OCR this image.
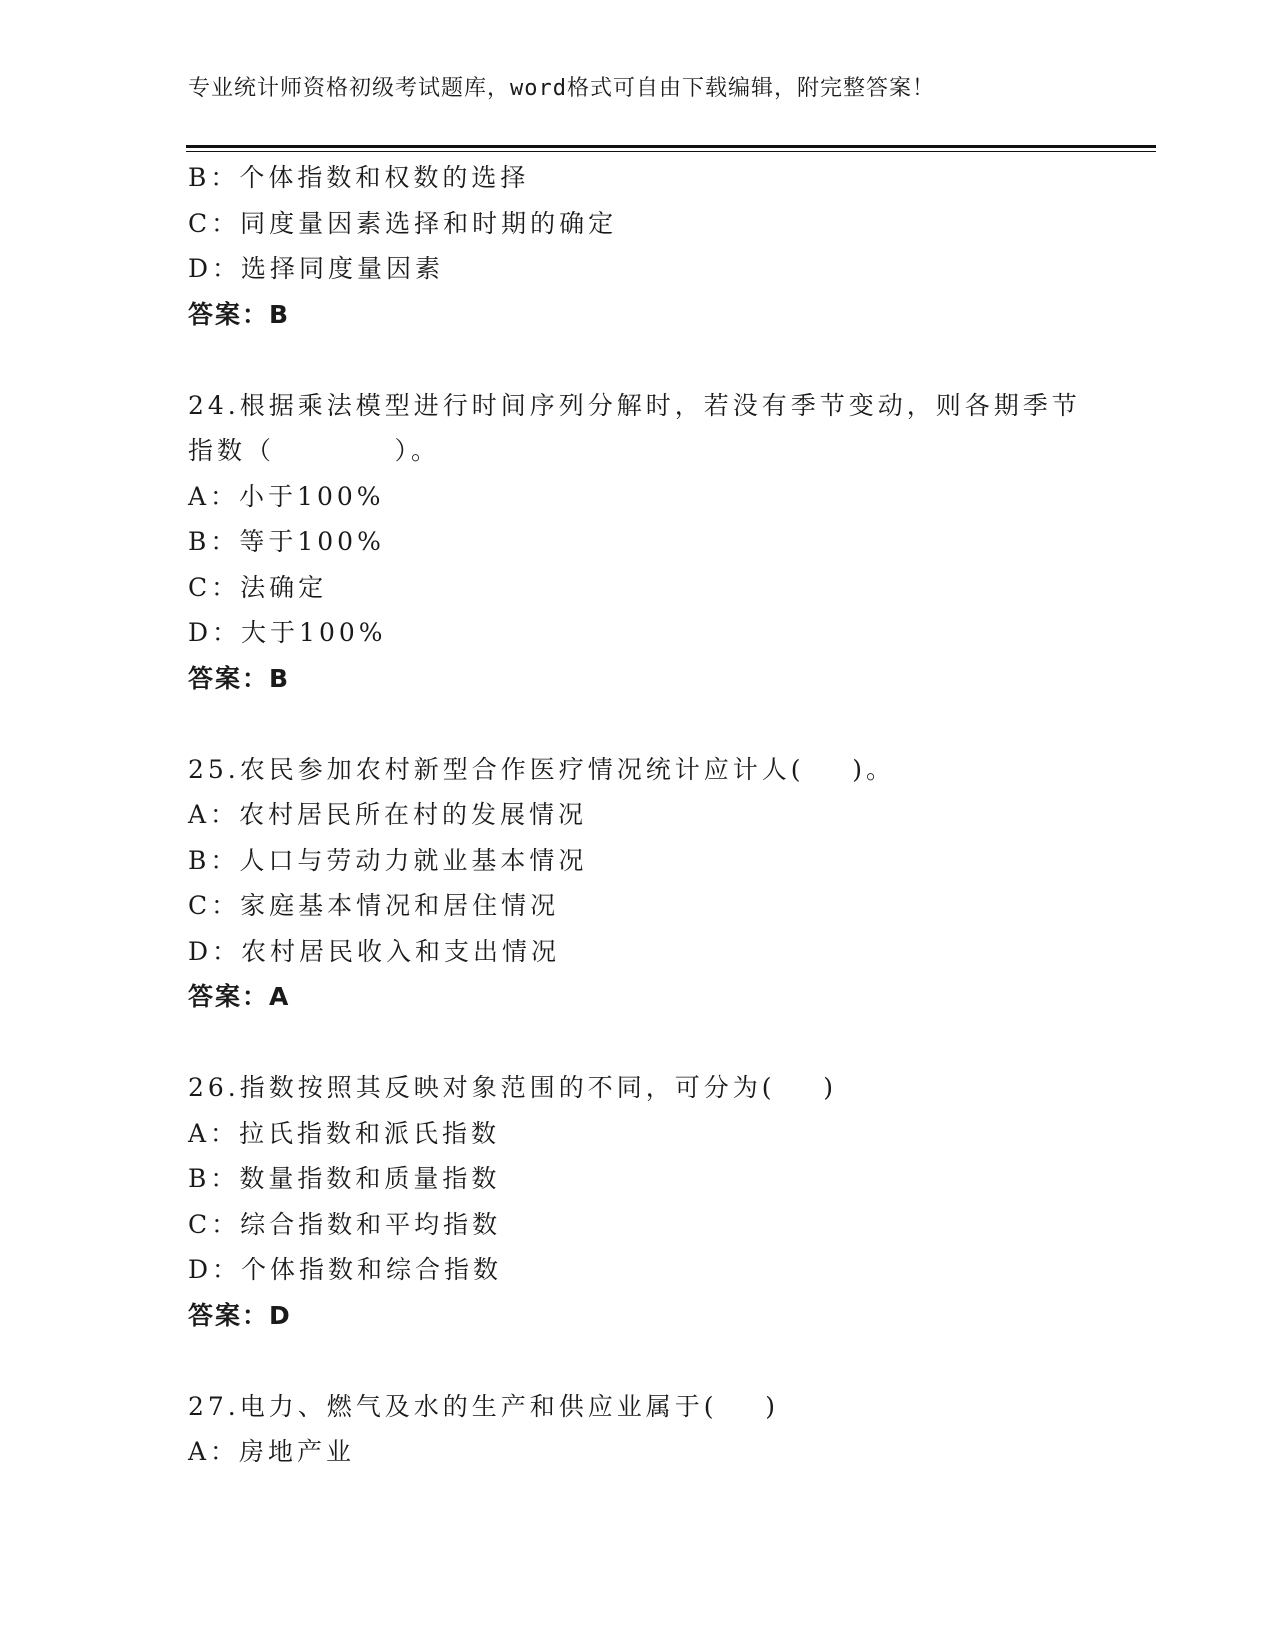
专业统计师资格初级考试题库，word格式可自由下载编辑，附完整答案！
B：个体指数和权数的选择
C：同度量因素选择和时期的确定
D：选择同度量因素
答案：B
24.根据乘法模型进行时间序列分解时，若没有季节变动，则各期季节
指数（          ）。
A：小于100%
B：等于100%
C：法确定
D：大于100%
答案：B
25.农民参加农村新型合作医疗情况统计应计人(    )。
A：农村居民所在村的发展情况
B：人口与劳动力就业基本情况
C：家庭基本情况和居住情况
D：农村居民收入和支出情况
答案：A
26.指数按照其反映对象范围的不同，可分为(    )
A：拉氏指数和派氏指数
B：数量指数和质量指数
C：综合指数和平均指数
D：个体指数和综合指数
答案：D
27.电力、燃气及水的生产和供应业属于(    )
A：房地产业
